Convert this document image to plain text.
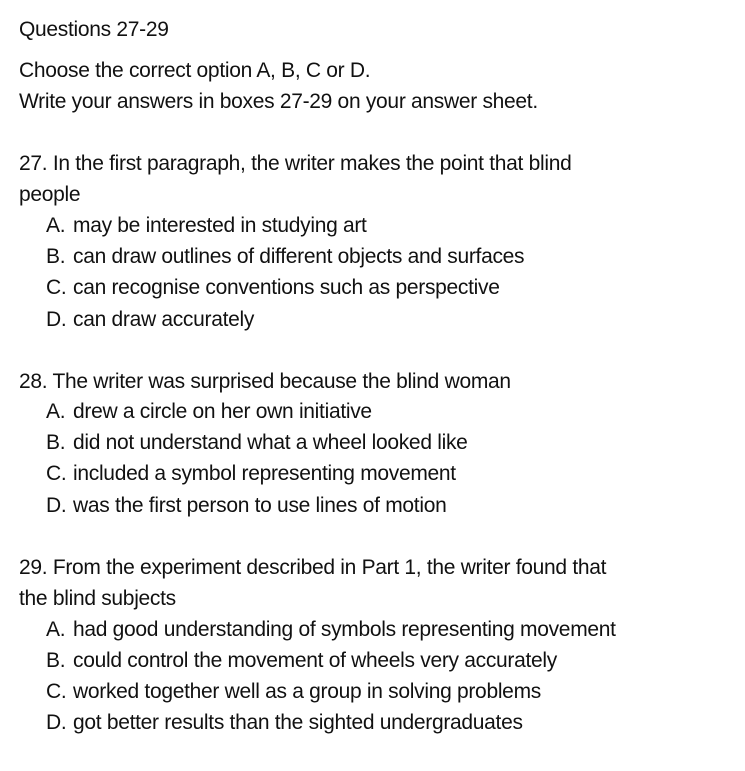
Questions 27-29
Choose the correct option A, B, C or D.
Write your answers in boxes 27-29 on your answer sheet.
27. In the first paragraph, the writer makes the point that blind
people
A. may be interested in studying art
B. can draw outlines of different objects and surfaces
C. can recognise conventions such as perspective
D. can draw accurately
28. The writer was surprised because the blind woman
A. drew a circle on her own initiative
B. did not understand what a wheel looked like
C. included a symbol representing movement
D. was the first person to use lines of motion
29. From the experiment described in Part 1, the writer found that
the blind subjects
A. had good understanding of symbols representing movement
B. could control the movement of wheels very accurately
C. worked together well as a group in solving problems
D. got better results than the sighted undergraduates
